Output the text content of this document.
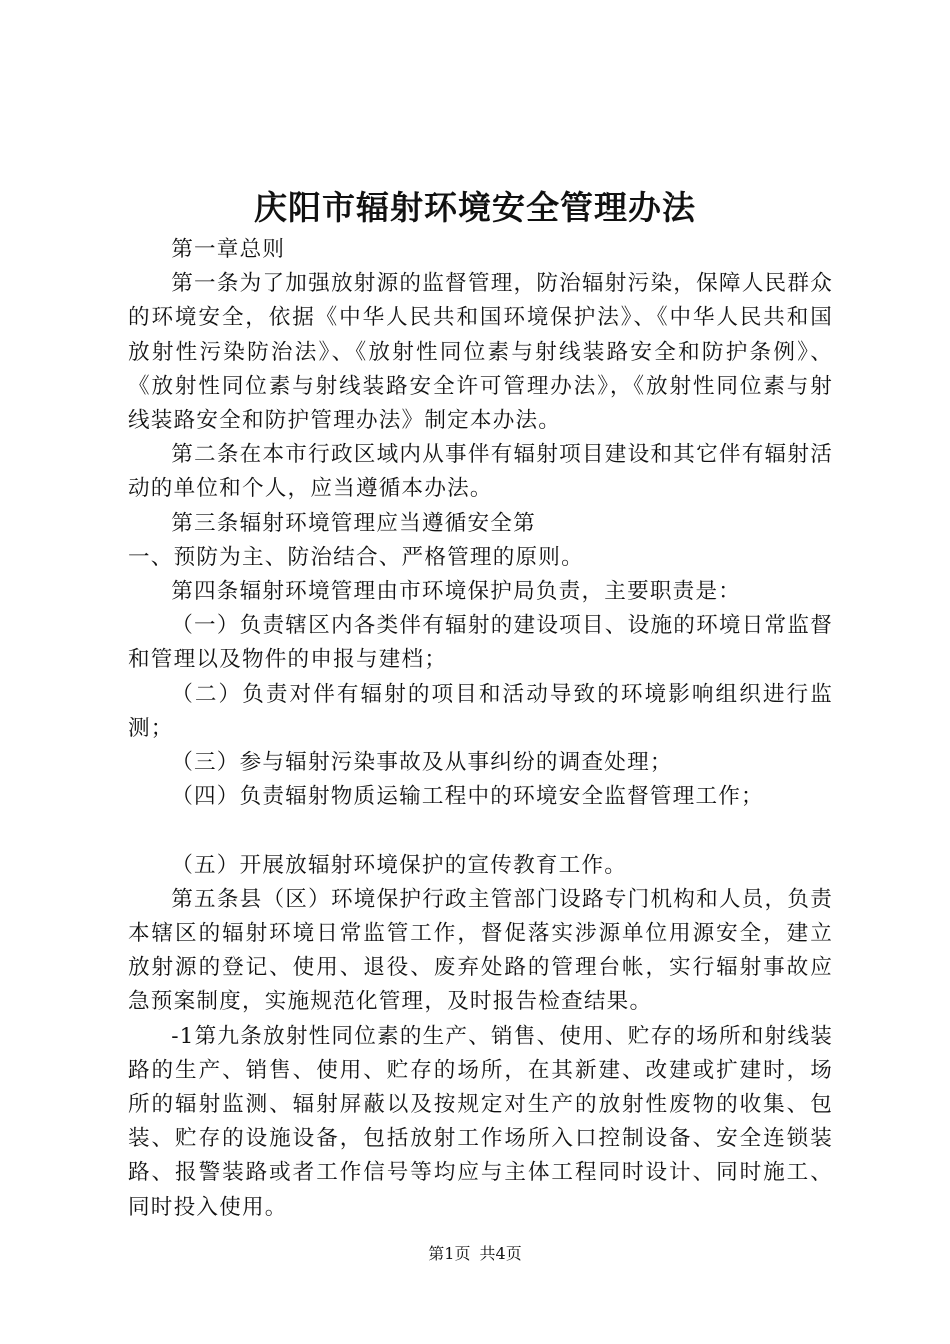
庆阳市辐射环境安全管理办法

第一章总则

第一条为了加强放射源的监督管理，防治辐射污染，保障人民群众的环境安全，依据《中华人民共和国环境保护法》、《中华人民共和国放射性污染防治法》、《放射性同位素与射线装路安全和防护条例》、《放射性同位素与射线装路安全许可管理办法》，《放射性同位素与射线装路安全和防护管理办法》制定本办法。

第二条在本市行政区域内从事伴有辐射项目建设和其它伴有辐射活动的单位和个人，应当遵循本办法。

第三条辐射环境管理应当遵循安全第

一、预防为主、防治结合、严格管理的原则。

第四条辐射环境管理由市环境保护局负责，主要职责是：

（一）负责辖区内各类伴有辐射的建设项目、设施的环境日常监督和管理以及物件的申报与建档；

（二）负责对伴有辐射的项目和活动导致的环境影响组织进行监测；

（三）参与辐射污染事故及从事纠纷的调查处理；

（四）负责辐射物质运输工程中的环境安全监督管理工作；

（五）开展放辐射环境保护的宣传教育工作。

第五条县（区）环境保护行政主管部门设路专门机构和人员，负责本辖区的辐射环境日常监管工作，督促落实涉源单位用源安全，建立放射源的登记、使用、退役、废弃处路的管理台帐，实行辐射事故应急预案制度，实施规范化管理，及时报告检查结果。

-1第九条放射性同位素的生产、销售、使用、贮存的场所和射线装路的生产、销售、使用、贮存的场所，在其新建、改建或扩建时，场所的辐射监测、辐射屏蔽以及按规定对生产的放射性废物的收集、包装、贮存的设施设备，包括放射工作场所入口控制设备、安全连锁装路、报警装路或者工作信号等均应与主体工程同时设计、同时施工、同时投入使用。

第1页 共4页
